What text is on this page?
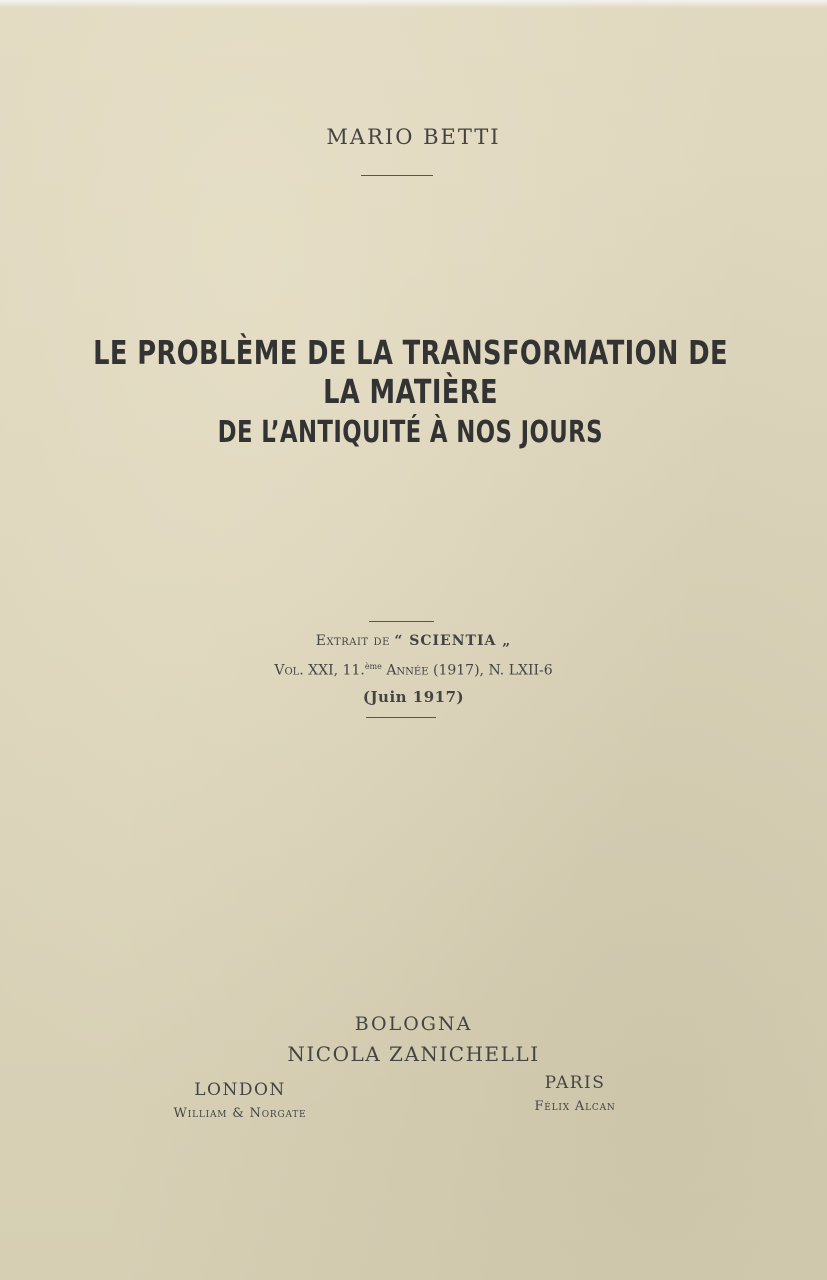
MARIO BETTI
LE PROBLÈME DE LA TRANSFORMATION DE LA MATIÈRE
DE L’ANTIQUITÉ À NOS JOURS
Extrait de “ SCIENTIA „
Vol. XXI, 11.$^{ème}$ Année (1917), N. LXII-6
(Juin 1917)
BOLOGNA
NICOLA ZANICHELLI
LONDON
William & Norgate
PARIS
Félix Alcan
